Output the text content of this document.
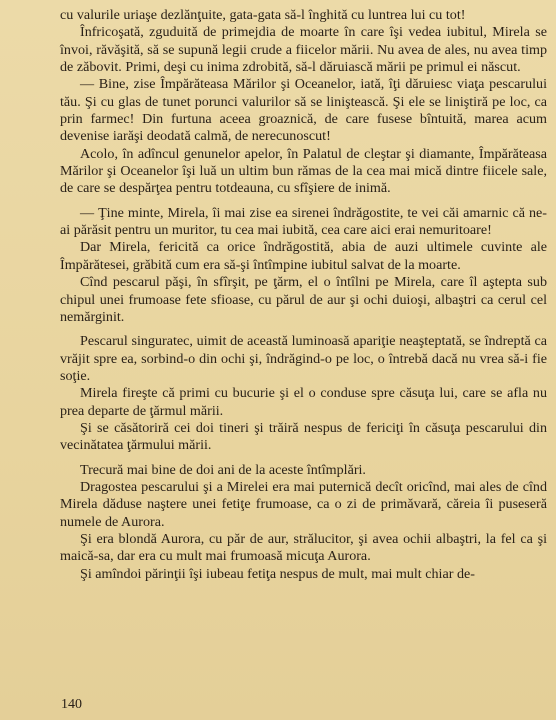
cu valurile uriaşe dezlănţuite, gata-gata să-l înghită cu luntrea lui cu tot!

Înfricoşată, zguduită de primejdia de moarte în care îşi vedea iubitul, Mirela se învoi, răvăşită, să se supună legii crude a fiicelor mării. Nu avea de ales, nu avea timp de zăbovit. Primi, deşi cu inima zdrobită, să-l dăruiască mării pe primul ei născut.

— Bine, zise Împărăteasa Mărilor şi Oceanelor, iată, îţi dăruiesc viaţa pescarului tău. Şi cu glas de tunet porunci valurilor să se liniştească. Şi ele se liniştiră pe loc, ca prin farmec! Din furtuna aceea groaznică, de care fusese bîntuită, marea acum devenise iarăşi deodată calmă, de nerecunoscut!

Acolo, în adîncul genunelor apelor, în Palatul de cleştar şi diamante, Împărăteasa Mărilor şi Oceanelor îşi luă un ultim bun rămas de la cea mai mică dintre fiicele sale, de care se despărţea pentru totdeauna, cu sfîşiere de inimă.

— Ţine minte, Mirela, îi mai zise ea sirenei îndrăgostite, te vei căi amarnic că ne-ai părăsit pentru un muritor, tu cea mai iubită, cea care aici erai nemuritoare!

Dar Mirela, fericită ca orice îndrăgostită, abia de auzi ultimele cuvinte ale Împărătesei, grăbită cum era să-şi întîmpine iubitul salvat de la moarte.

Cînd pescarul păşi, în sfîrşit, pe ţărm, el o întîlni pe Mirela, care îl aştepta sub chipul unei frumoase fete sfioase, cu părul de aur şi ochi duioşi, albaştri ca cerul cel nemărginit.

Pescarul singuratec, uimit de această luminoasă apariţie neaşteptată, se îndreptă ca vrăjit spre ea, sorbind-o din ochi şi, îndrăgind-o pe loc, o întrebă dacă nu vrea să-i fie soţie.

Mirela fireşte că primi cu bucurie şi el o conduse spre căsuţa lui, care se afla nu prea departe de ţărmul mării.

Şi se căsătoriră cei doi tineri şi trăiră nespus de fericiţi în căsuţa pescarului din vecinătatea ţărmului mării.

Trecură mai bine de doi ani de la aceste întîmplări.

Dragostea pescarului şi a Mirelei era mai puternică decît oricînd, mai ales de cînd Mirela dăduse naştere unei fetiţe frumoase, ca o zi de primăvară, căreia îi puseseră numele de Aurora.

Şi era blondă Aurora, cu păr de aur, strălucitor, şi avea ochii albaştri, la fel ca şi maică-sa, dar era cu mult mai frumoasă micuţa Aurora.

Şi amîndoi părinţii îşi iubeau fetiţa nespus de mult, mai mult chiar de-

140
